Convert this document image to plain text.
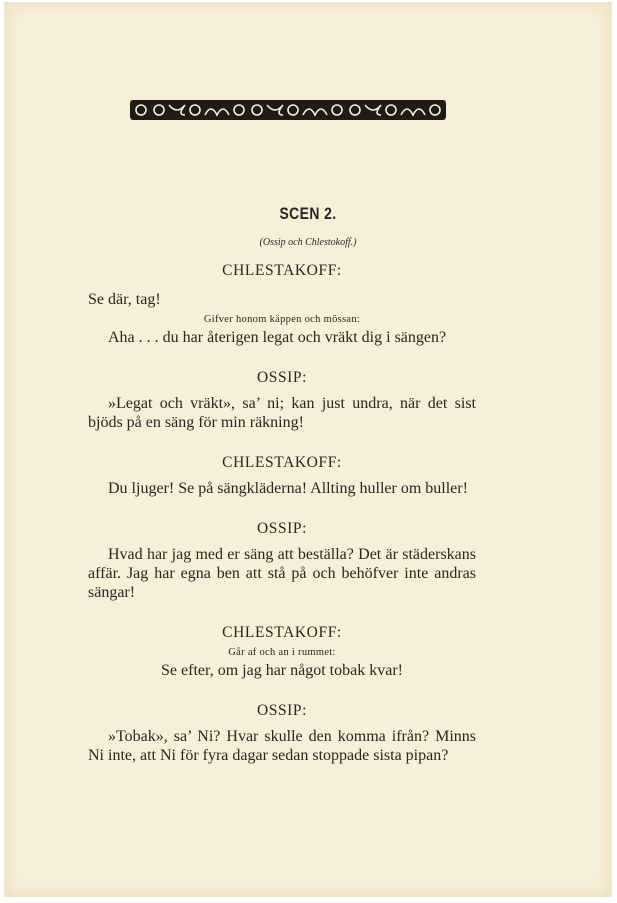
SCEN 2.
(Ossip och Chlestokoff.)

CHLESTAKOFF:

Se där, tag!

Gifver honom käppen och mössan:

Aha . . . du har återigen legat och vräkt dig i sängen?

OSSIP:

»Legat och vräkt», sa’ ni; kan just undra, när det sist bjöds på en säng för min räkning!

CHLESTAKOFF:

Du ljuger! Se på sängkläderna! Allting huller om buller!

OSSIP:

Hvad har jag med er säng att beställa? Det är städerskans affär. Jag har egna ben att stå på och behöfver inte andras sängar!

CHLESTAKOFF:

Går af och an i rummet:

Se efter, om jag har något tobak kvar!

OSSIP:

»Tobak», sa’ Ni? Hvar skulle den komma ifrån? Minns Ni inte, att Ni för fyra dagar sedan stoppade sista pipan?
